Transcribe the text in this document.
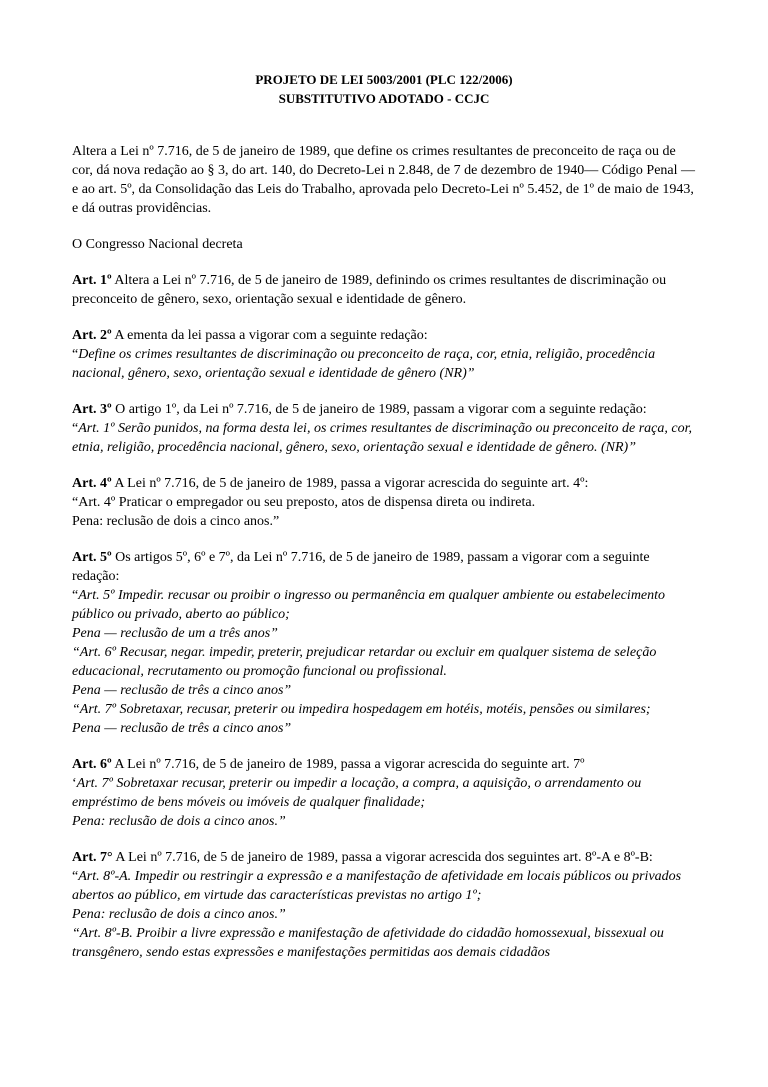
PROJETO DE LEI 5003/2001 (PLC 122/2006)
SUBSTITUTIVO ADOTADO - CCJC

Altera a Lei nº 7.716, de 5 de janeiro de 1989, que define os crimes resultantes de preconceito de raça ou de cor, dá nova redação ao § 3, do art. 140, do Decreto-Lei n 2.848, de 7 de dezembro de 1940— Código Penal — e ao art. 5º, da Consolidação das Leis do Trabalho, aprovada pelo Decreto-Lei nº 5.452, de 1º de maio de 1943, e dá outras providências.

O Congresso Nacional decreta

Art. 1º Altera a Lei nº 7.716, de 5 de janeiro de 1989, definindo os crimes resultantes de discriminação ou preconceito de gênero, sexo, orientação sexual e identidade de gênero.

Art. 2º A ementa da lei passa a vigorar com a seguinte redação:

“Define os crimes resultantes de discriminação ou preconceito de raça, cor, etnia, religião, procedência nacional, gênero, sexo, orientação sexual e identidade de gênero (NR)”

Art. 3º O artigo 1º, da Lei nº 7.716, de 5 de janeiro de 1989, passam a vigorar com a seguinte redação:

“Art. 1º Serão punidos, na forma desta lei, os crimes resultantes de discriminação ou preconceito de raça, cor, etnia, religião, procedência nacional, gênero, sexo, orientação sexual e identidade de gênero. (NR)”

Art. 4º A Lei nº 7.716, de 5 de janeiro de 1989, passa a vigorar acrescida do seguinte art. 4º:

“Art. 4º Praticar o empregador ou seu preposto, atos de dispensa direta ou indireta.

Pena: reclusão de dois a cinco anos.”

Art. 5º Os artigos 5º, 6º e 7º, da Lei nº 7.716, de 5 de janeiro de 1989, passam a vigorar com a seguinte redação:

“Art. 5º Impedir. recusar ou proibir o ingresso ou permanência em qualquer ambiente ou estabelecimento público ou privado, aberto ao público;

Pena — reclusão de um a três anos”

“Art. 6º Recusar, negar. impedir, preterir, prejudicar retardar ou excluir em qualquer sistema de seleção educacional, recrutamento ou promoção funcional ou profissional.

Pena — reclusão de três a cinco anos”

“Art. 7º Sobretaxar, recusar, preterir ou impedira hospedagem em hotéis, motéis, pensões ou similares;

Pena — reclusão de três a cinco anos”

Art. 6º A Lei nº 7.716, de 5 de janeiro de 1989, passa a vigorar acrescida do seguinte art. 7º

‘Art. 7º Sobretaxar recusar, preterir ou impedir a locação, a compra, a aquisição, o arrendamento ou empréstimo de bens móveis ou imóveis de qualquer finalidade;

Pena: reclusão de dois a cinco anos.”

Art. 7° A Lei nº 7.716, de 5 de janeiro de 1989, passa a vigorar acrescida dos seguintes art. 8º-A e 8º-B:

“Art. 8º-A. Impedir ou restringir a expressão e a manifestação de afetividade em locais públicos ou privados abertos ao público, em virtude das características previstas no artigo 1º;

Pena: reclusão de dois a cinco anos.”

“Art. 8º-B. Proibir a livre expressão e manifestação de afetividade do cidadão homossexual, bissexual ou transgênero, sendo estas expressões e manifestações permitidas aos demais cidadãos
